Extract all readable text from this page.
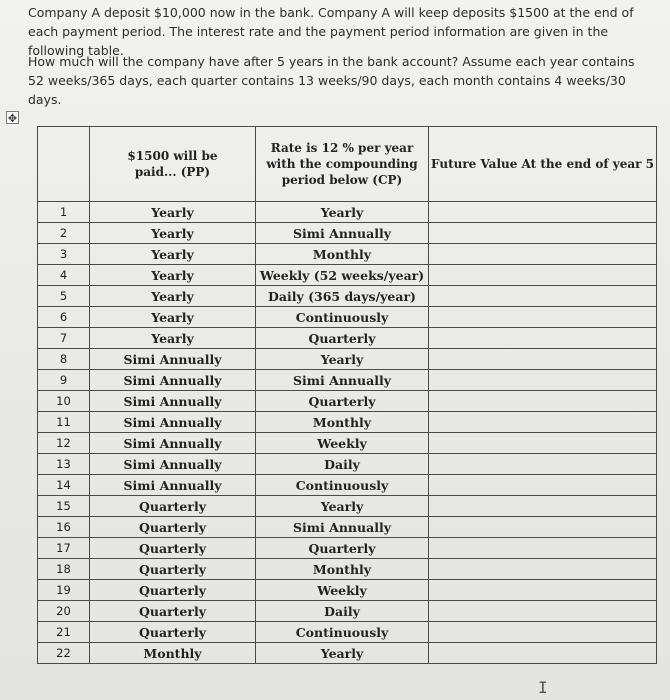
Company A deposit $10,000 now in the bank. Company A will keep deposits $1500 at the end of each payment period. The interest rate and the payment period information are given in the following table.

How much will the company have after 5 years in the bank account? Assume each year contains 52 weeks/365 days, each quarter contains 13 weeks/90 days, each month contains 4 weeks/30 days.

✥
	$1500 will be paid... (PP)	Rate is 12 % per year with the compounding period below (CP)	Future Value At the end of year 5
1	Yearly	Yearly	
2	Yearly	Simi Annually	
3	Yearly	Monthly	
4	Yearly	Weekly (52 weeks/year)	
5	Yearly	Daily (365 days/year)	
6	Yearly	Continuously	
7	Yearly	Quarterly	
8	Simi Annually	Yearly	
9	Simi Annually	Simi Annually	
10	Simi Annually	Quarterly	
11	Simi Annually	Monthly	
12	Simi Annually	Weekly	
13	Simi Annually	Daily	
14	Simi Annually	Continuously	
15	Quarterly	Yearly	
16	Quarterly	Simi Annually	
17	Quarterly	Quarterly	
18	Quarterly	Monthly	
19	Quarterly	Weekly	
20	Quarterly	Daily	
21	Quarterly	Continuously	
22	Monthly	Yearly	
I
